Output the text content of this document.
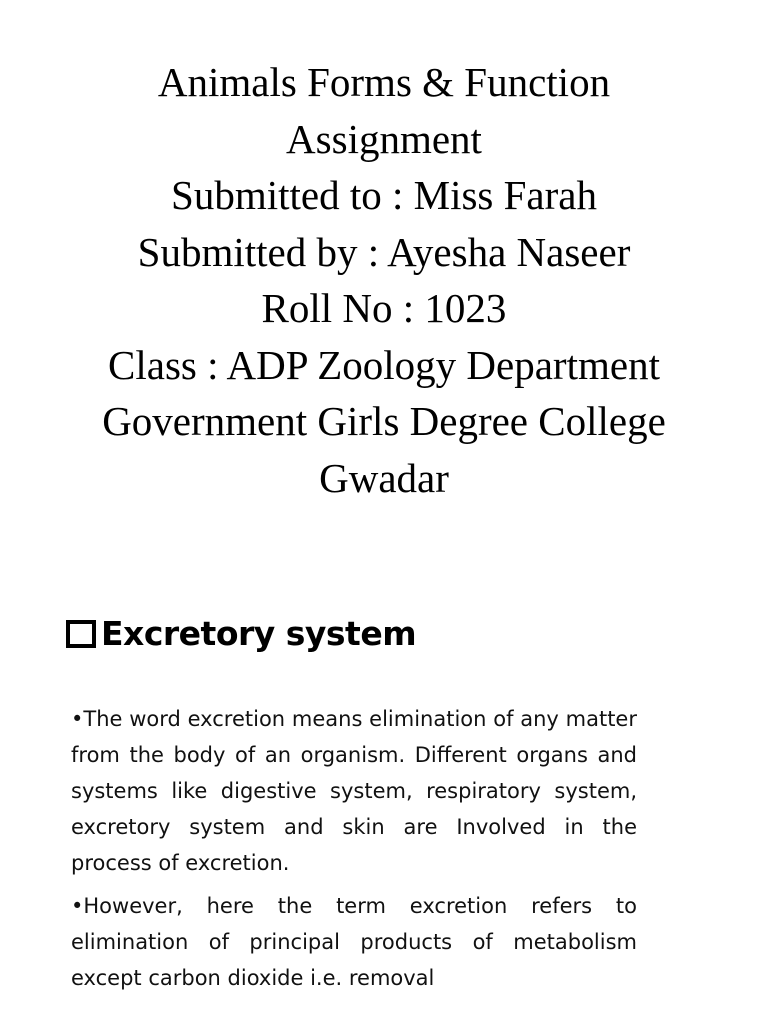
Animals Forms & Function
Assignment
Submitted to : Miss Farah
Submitted by : Ayesha Naseer
Roll No : 1023
Class : ADP Zoology Department
Government Girls Degree College
Gwadar
Excretory system

•The word excretion means elimination of any matter from the body of an organism. Different organs and systems like digestive system, respiratory system, excretory system and skin are Involved in the process of excretion.

•However, here the term excretion refers to elimination of principal products of metabolism except carbon dioxide i.e. removal
